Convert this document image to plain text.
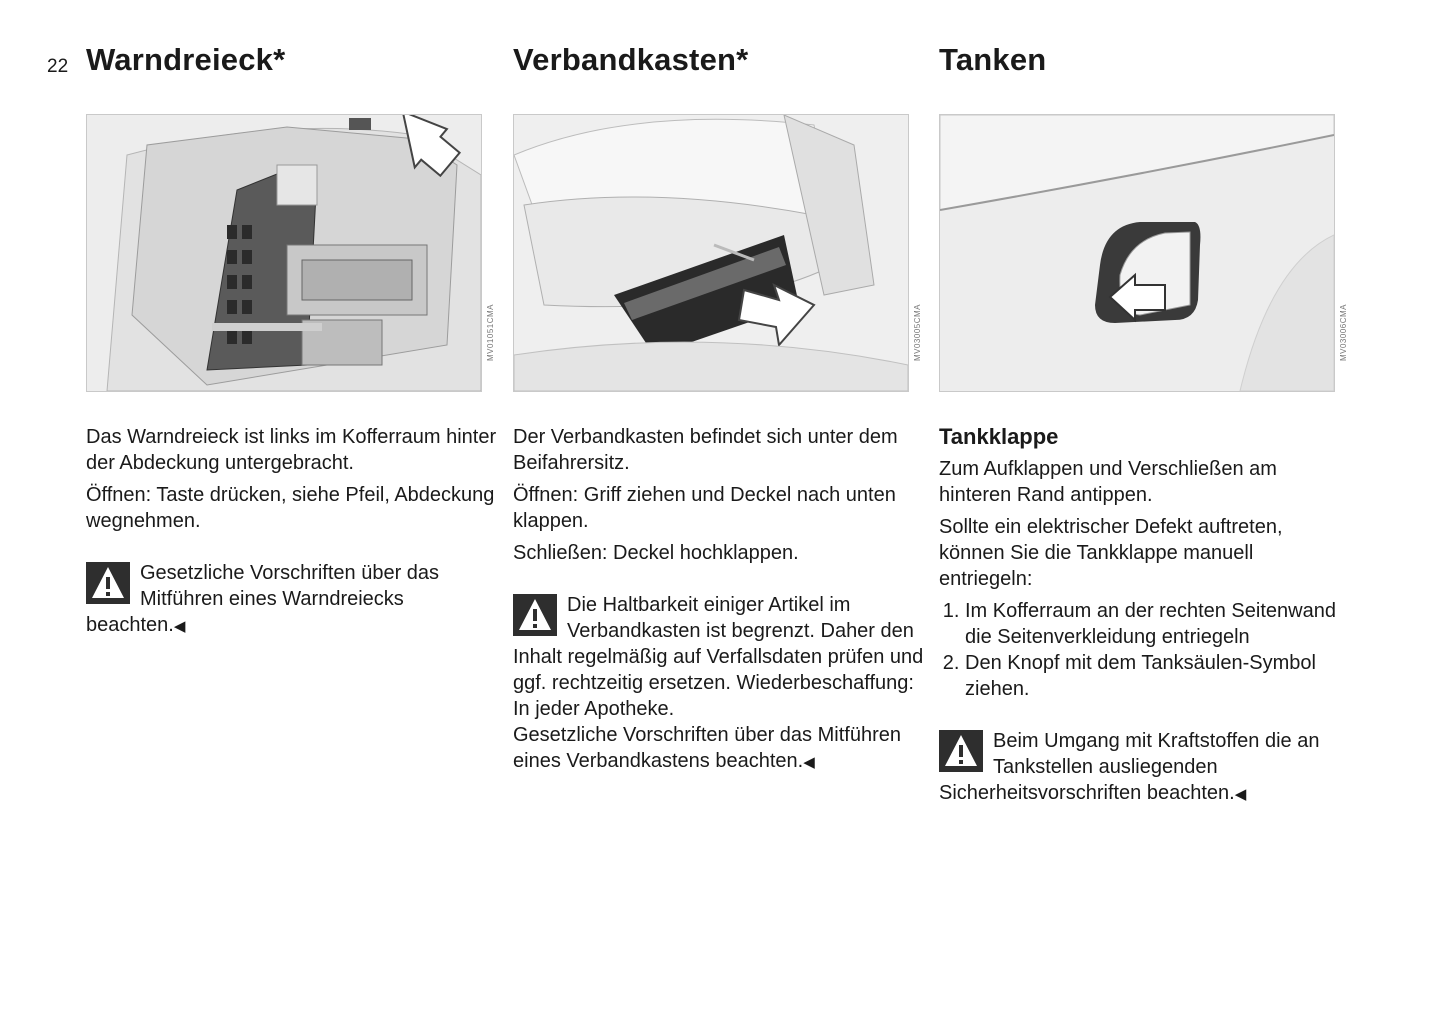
22 Warndreieck*
MV01051CMA

Das Warndreieck ist links im Kofferraum hinter der Abdeckung untergebracht.

Öffnen: Taste drücken, siehe Pfeil, Abdeckung wegnehmen.

Gesetzliche Vorschriften über das Mitführen eines Warndreiecks beachten.◀
Verbandkasten*
MV03005CMA

Der Verbandkasten befindet sich unter dem Beifahrersitz.

Öffnen: Griff ziehen und Deckel nach unten klappen.

Schließen: Deckel hochklappen.

Die Haltbarkeit einiger Artikel im Verbandkasten ist begrenzt. Daher den Inhalt regelmäßig auf Verfallsdaten prüfen und ggf. rechtzeitig ersetzen. Wiederbeschaffung: In jeder Apotheke.
Gesetzliche Vorschriften über das Mitführen eines Verbandkastens beachten.◀
Tanken
MV03006CMA
Tankklappe

Zum Aufklappen und Verschließen am hinteren Rand antippen.

Sollte ein elektrischer Defekt auftreten, können Sie die Tankklappe manuell entriegeln:

1. Im Kofferraum an der rechten Seitenwand die Seitenverkleidung entriegeln
2. Den Knopf mit dem Tanksäulen-Symbol ziehen.
Beim Umgang mit Kraftstoffen die an Tankstellen ausliegenden Sicherheitsvorschriften beachten.◀
